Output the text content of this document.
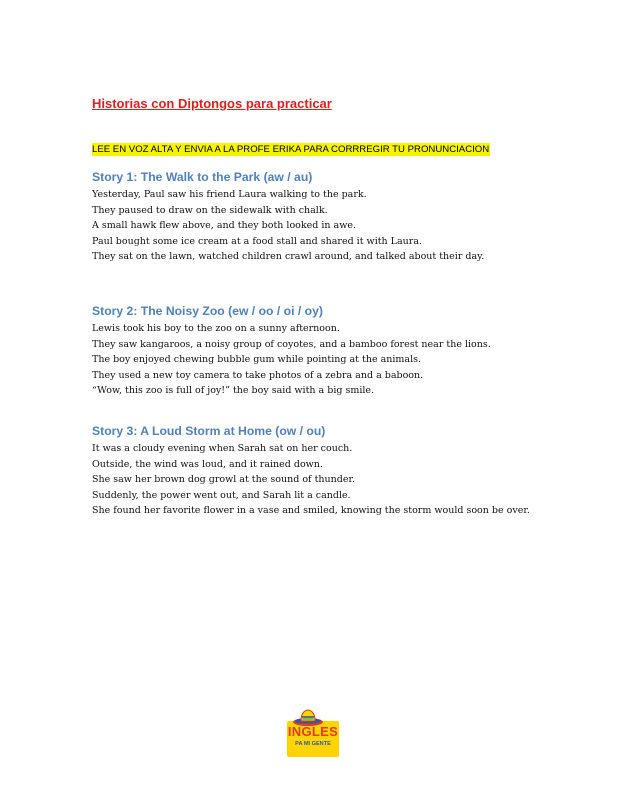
Historias con Diptongos para practicar
LEE EN VOZ ALTA Y ENVIA A LA PROFE ERIKA PARA CORRREGIR TU PRONUNCIACION
Story 1: The Walk to the Park (aw / au)
Yesterday, Paul saw his friend Laura walking to the park.
They paused to draw on the sidewalk with chalk.
A small hawk flew above, and they both looked in awe.
Paul bought some ice cream at a food stall and shared it with Laura.
They sat on the lawn, watched children crawl around, and talked about their day.
Story 2: The Noisy Zoo (ew / oo / oi / oy)
Lewis took his boy to the zoo on a sunny afternoon.
They saw kangaroos, a noisy group of coyotes, and a bamboo forest near the lions.
The boy enjoyed chewing bubble gum while pointing at the animals.
They used a new toy camera to take photos of a zebra and a baboon.
“Wow, this zoo is full of joy!” the boy said with a big smile.
Story 3: A Loud Storm at Home (ow / ou)
It was a cloudy evening when Sarah sat on her couch.
Outside, the wind was loud, and it rained down.
She saw her brown dog growl at the sound of thunder.
Suddenly, the power went out, and Sarah lit a candle.
She found her favorite flower in a vase and smiled, knowing the storm would soon be over.
INGLES
PA MI GENTE
